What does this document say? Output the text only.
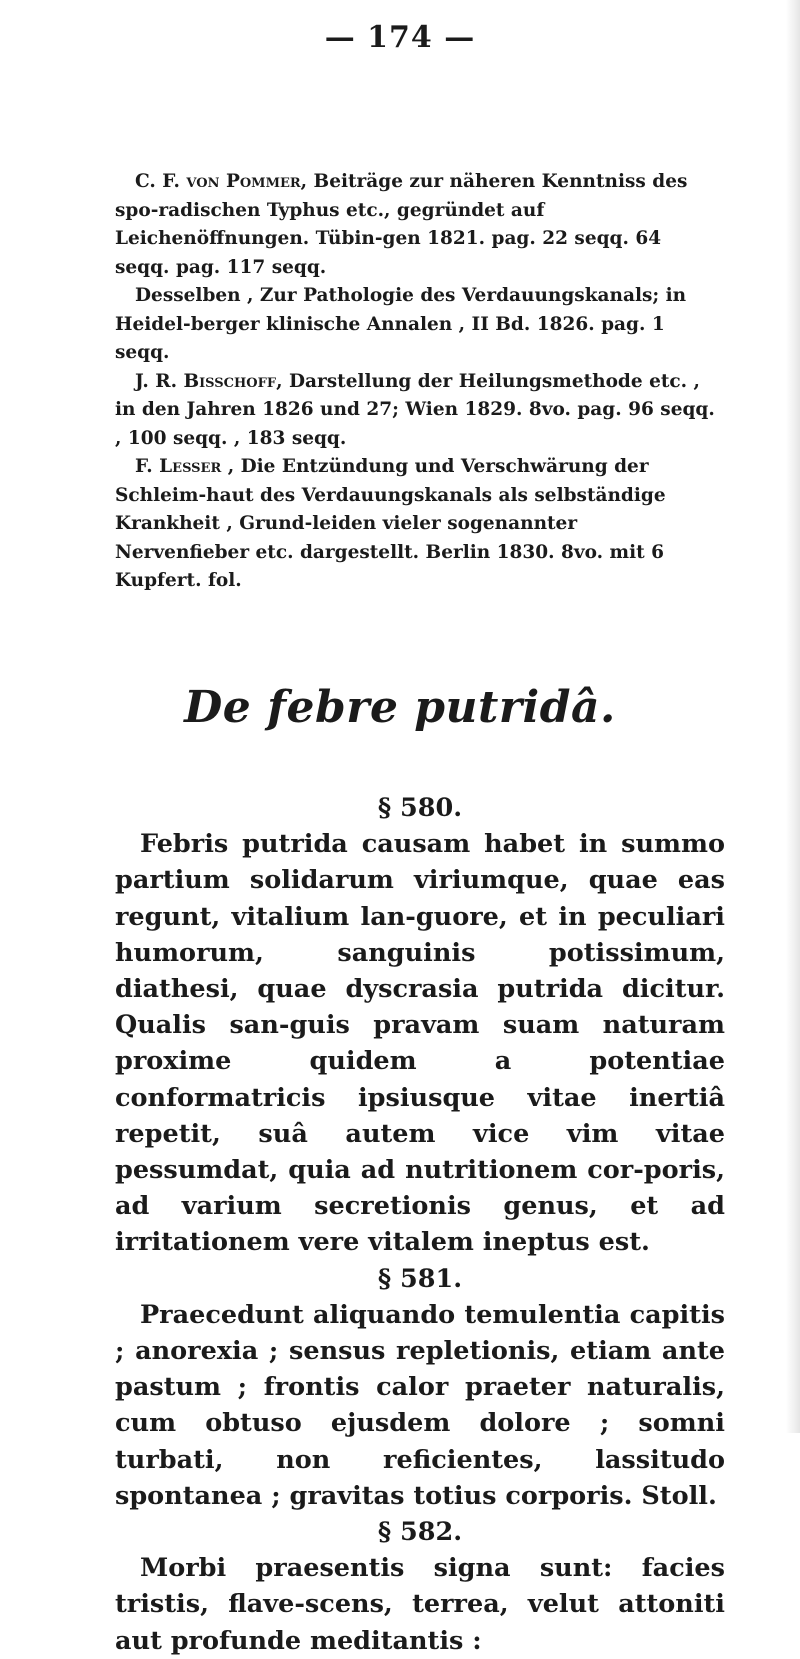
— 174 —

C. F. von Pommer, Beiträge zur näheren Kenntniss des spo-radischen Typhus etc., gegründet auf Leichenöffnungen. Tübin-gen 1821. pag. 22 seqq. 64 seqq. pag. 117 seqq.

Desselben , Zur Pathologie des Verdauungskanals; in Heidel-berger klinische Annalen , II Bd. 1826. pag. 1 seqq.

J. R. Bisschoff, Darstellung der Heilungsmethode etc. , in den Jahren 1826 und 27; Wien 1829. 8vo. pag. 96 seqq. , 100 seqq. , 183 seqq.

F. Lesser , Die Entzündung und Verschwärung der Schleim-haut des Verdauungskanals als selbständige Krankheit , Grund-leiden vieler sogenannter Nervenfieber etc. dargestellt. Berlin 1830. 8vo. mit 6 Kupfert. fol.

De febre putridâ.

§ 580.

Febris putrida causam habet in summo partium solidarum viriumque, quae eas regunt, vitalium lan-guore, et in peculiari humorum, sanguinis potissimum, diathesi, quae dyscrasia putrida dicitur. Qualis san-guis pravam suam naturam proxime quidem a potentiae conformatricis ipsiusque vitae inertiâ repetit, suâ autem vice vim vitae pessumdat, quia ad nutritionem cor-poris, ad varium secretionis genus, et ad irritationem vere vitalem ineptus est.

§ 581.

Praecedunt aliquando temulentia capitis ; anorexia ; sensus repletionis, etiam ante pastum ; frontis calor praeter naturalis, cum obtuso ejusdem dolore ; somni turbati, non reficientes, lassitudo spontanea ; gravitas totius corporis. Stoll.

§ 582.

Morbi praesentis signa sunt: facies tristis, flave-scens, terrea, velut attoniti aut profunde meditantis :
